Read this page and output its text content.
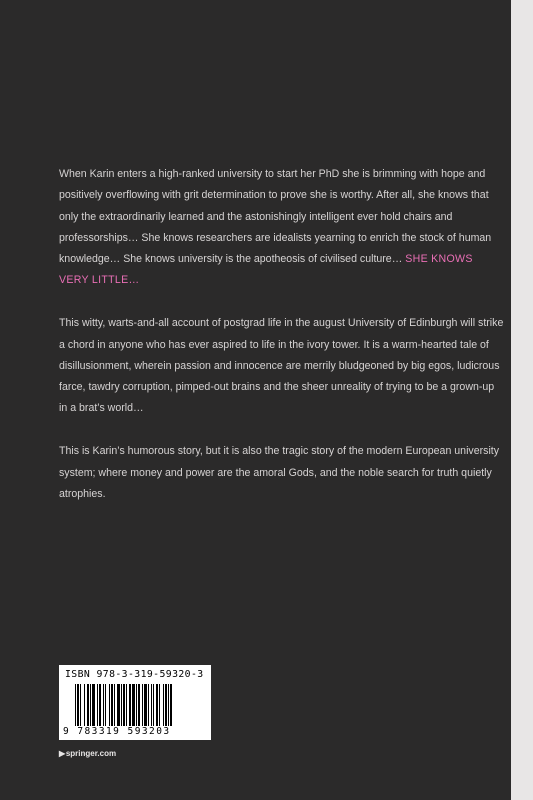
When Karin enters a high-ranked university to start her PhD she is brimming with hope and positively overflowing with grit determination to prove she is worthy. After all, she knows that only the extraordinarily learned and the astonishingly intelligent ever hold chairs and professorships… She knows researchers are idealists yearning to enrich the stock of human knowledge… She knows university is the apotheosis of civilised culture… SHE KNOWS VERY LITTLE…

This witty, warts-and-all account of postgrad life in the august University of Edinburgh will strike a chord in anyone who has ever aspired to life in the ivory tower. It is a warm-hearted tale of disillusionment, wherein passion and innocence are merrily bludgeoned by big egos, ludicrous farce, tawdry corruption, pimped-out brains and the sheer unreality of trying to be a grown-up in a brat’s world…

This is Karin’s humorous story, but it is also the tragic story of the modern European university system; where money and power are the amoral Gods, and the noble search for truth quietly atrophies.

ISBN 978-3-319-59320-3
9 783319 593203
▶ springer.com
